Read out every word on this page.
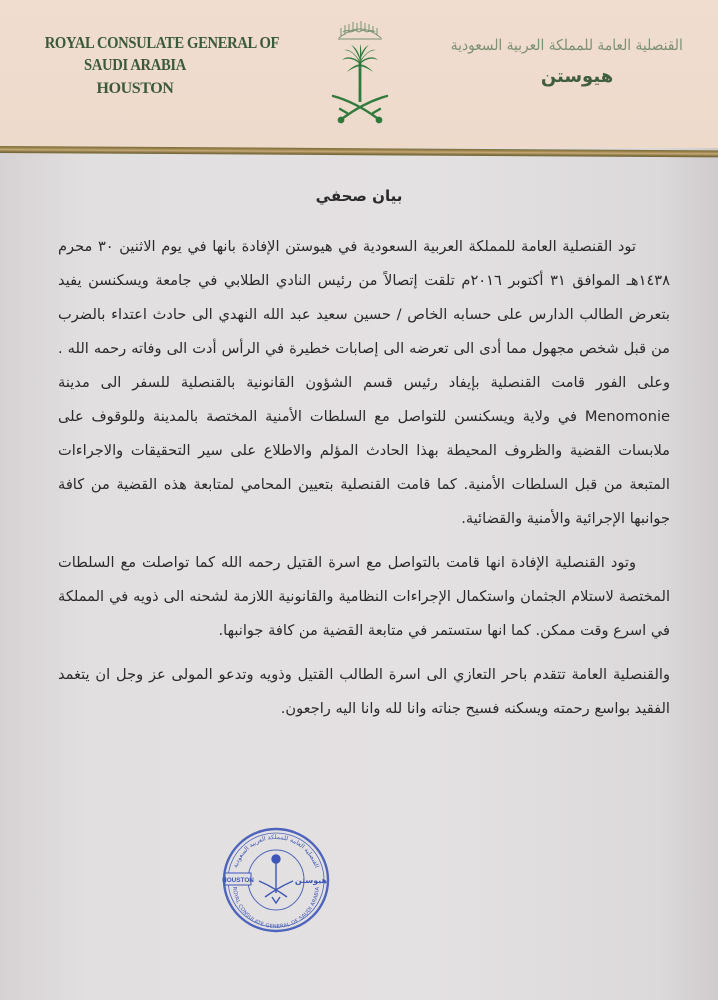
ROYAL CONSULATE GENERAL OF
SAUDI ARABIA
HOUSTON
القنصلية العامة للمملكة العربية السعودية
هيوستن
بيان صحفي

تود القنصلية العامة للمملكة العربية السعودية في هيوستن الإفادة بانها في يوم الاثنين ٣٠ محرم ١٤٣٨هـ الموافق ٣١ أكتوبر ٢٠١٦م تلقت إتصالاً من رئيس النادي الطلابي في جامعة ويسكنسن يفيد بتعرض الطالب الدارس على حسابه الخاص / حسين سعيد عبد الله النهدي الى حادث اعتداء بالضرب من قبل شخص مجهول مما أدى الى تعرضه الى إصابات خطيرة في الرأس أدت الى وفاته رحمه الله . وعلى الفور قامت القنصلية بإيفاد رئيس قسم الشؤون القانونية بالقنصلية للسفر الى مدينة Menomonie في ولاية ويسكنسن للتواصل مع السلطات الأمنية المختصة بالمدينة وللوقوف على ملابسات القضية والظروف المحيطة بهذا الحادث المؤلم والاطلاع على سير التحقيقات والاجراءات المتبعة من قبل السلطات الأمنية. كما قامت القنصلية بتعيين المحامي لمتابعة هذه القضية من كافة جوانبها الإجرائية والأمنية والقضائية.

وتود القنصلية الإفادة انها قامت بالتواصل مع اسرة القتيل رحمه الله كما تواصلت مع السلطات المختصة لاستلام الجثمان واستكمال الإجراءات النظامية والقانونية اللازمة لشحنه الى ذويه في المملكة في اسرع وقت ممكن. كما انها ستستمر في متابعة القضية من كافة جوانبها.

والقنصلية العامة تتقدم باحر التعازي الى اسرة الطالب القتيل وذويه وتدعو المولى عز وجل ان يتغمد الفقيد بواسع رحمته ويسكنه فسيح جناته وانا لله وانا اليه راجعون.

القنصلية العامة للمملكة العربية السعودية
ROYAL CONSULATE GENERAL OF SAUDI ARABIA
HOUSTON	هيوستن
